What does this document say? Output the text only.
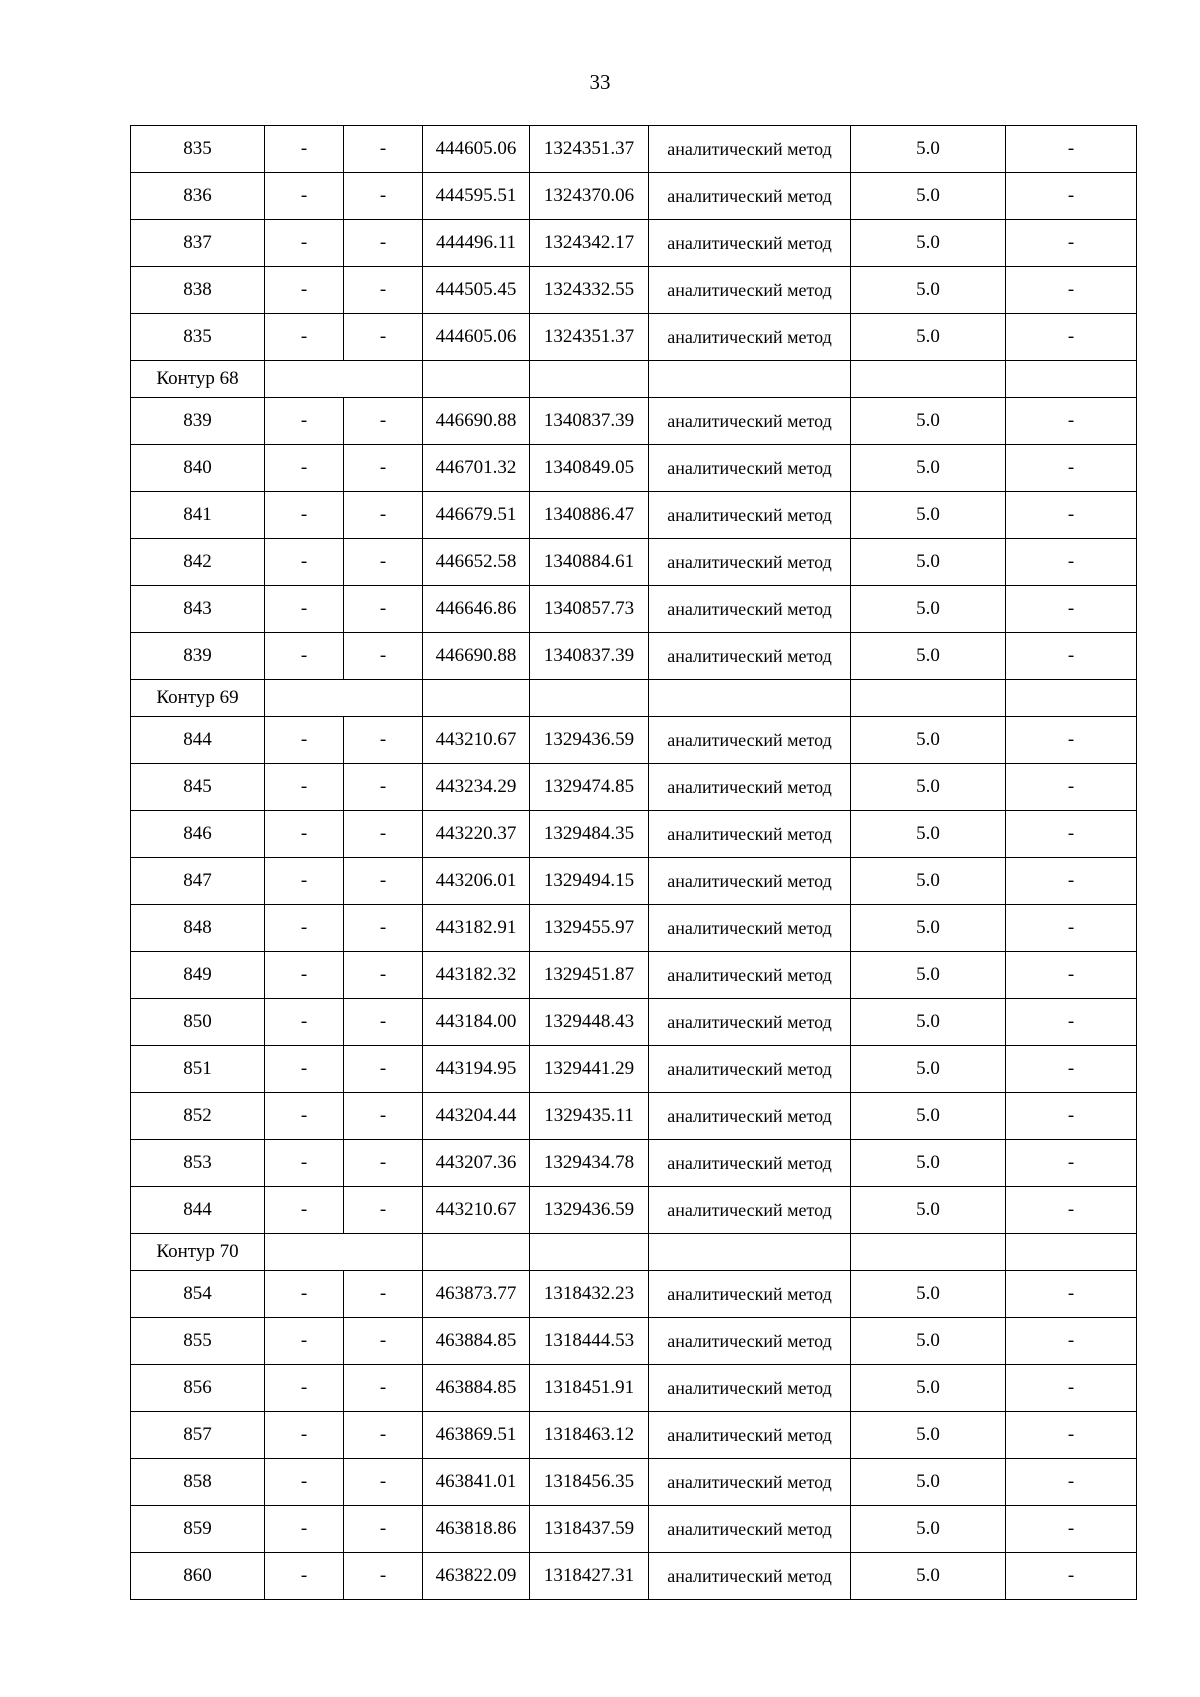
33
835	-	-	444605.06	1324351.37	аналитический метод	5.0	-
836	-	-	444595.51	1324370.06	аналитический метод	5.0	-
837	-	-	444496.11	1324342.17	аналитический метод	5.0	-
838	-	-	444505.45	1324332.55	аналитический метод	5.0	-
835	-	-	444605.06	1324351.37	аналитический метод	5.0	-
Контур 68							
839	-	-	446690.88	1340837.39	аналитический метод	5.0	-
840	-	-	446701.32	1340849.05	аналитический метод	5.0	-
841	-	-	446679.51	1340886.47	аналитический метод	5.0	-
842	-	-	446652.58	1340884.61	аналитический метод	5.0	-
843	-	-	446646.86	1340857.73	аналитический метод	5.0	-
839	-	-	446690.88	1340837.39	аналитический метод	5.0	-
Контур 69							
844	-	-	443210.67	1329436.59	аналитический метод	5.0	-
845	-	-	443234.29	1329474.85	аналитический метод	5.0	-
846	-	-	443220.37	1329484.35	аналитический метод	5.0	-
847	-	-	443206.01	1329494.15	аналитический метод	5.0	-
848	-	-	443182.91	1329455.97	аналитический метод	5.0	-
849	-	-	443182.32	1329451.87	аналитический метод	5.0	-
850	-	-	443184.00	1329448.43	аналитический метод	5.0	-
851	-	-	443194.95	1329441.29	аналитический метод	5.0	-
852	-	-	443204.44	1329435.11	аналитический метод	5.0	-
853	-	-	443207.36	1329434.78	аналитический метод	5.0	-
844	-	-	443210.67	1329436.59	аналитический метод	5.0	-
Контур 70							
854	-	-	463873.77	1318432.23	аналитический метод	5.0	-
855	-	-	463884.85	1318444.53	аналитический метод	5.0	-
856	-	-	463884.85	1318451.91	аналитический метод	5.0	-
857	-	-	463869.51	1318463.12	аналитический метод	5.0	-
858	-	-	463841.01	1318456.35	аналитический метод	5.0	-
859	-	-	463818.86	1318437.59	аналитический метод	5.0	-
860	-	-	463822.09	1318427.31	аналитический метод	5.0	-
